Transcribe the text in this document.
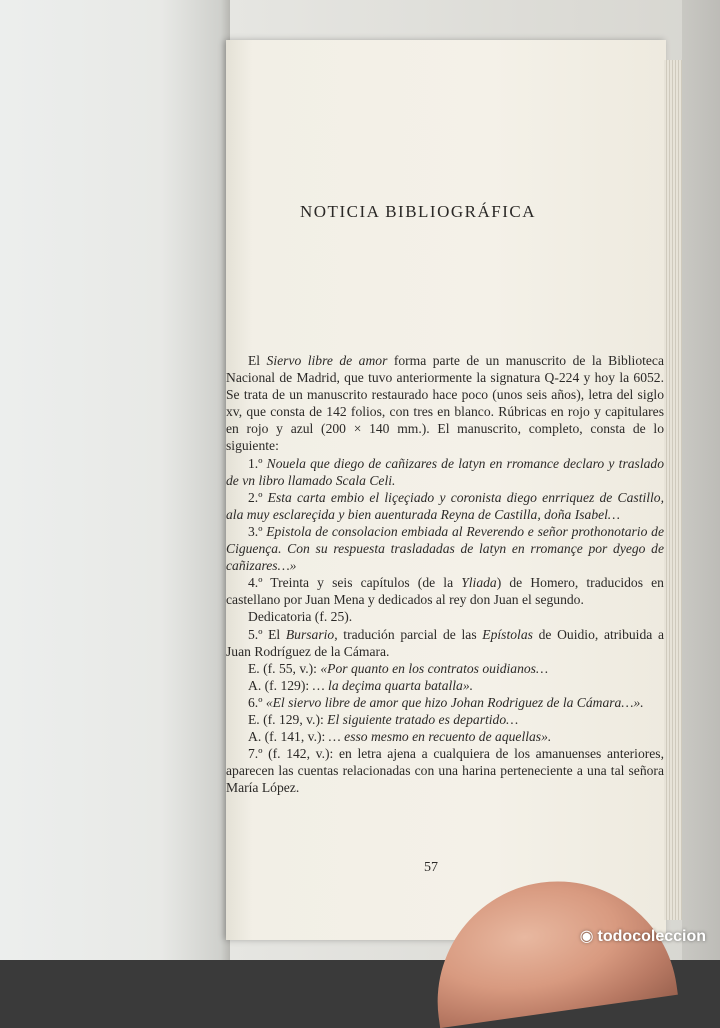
NOTICIA BIBLIOGRÁFICA

El Siervo libre de amor forma parte de un manuscrito de la Biblioteca Nacional de Madrid, que tuvo anteriormente la signatura Q-224 y hoy la 6052. Se trata de un manuscrito restaurado hace poco (unos seis años), letra del siglo xv, que consta de 142 folios, con tres en blanco. Rúbricas en rojo y capitulares en rojo y azul (200 × 140 mm.). El manuscrito, completo, consta de lo siguiente:

1.º Nouela que diego de cañizares de latyn en rromance declaro y traslado de vn libro llamado Scala Celi.

2.º Esta carta embio el liçeçiado y coronista diego enrriquez de Castillo, ala muy esclareçida y bien auenturada Reyna de Castilla, doña Isabel…

3.º Epistola de consolacion embiada al Reverendo e señor prothonotario de Ciguença. Con su respuesta trasladadas de latyn en rromançe por dyego de cañizares…»

4.º Treinta y seis capítulos (de la Yliada) de Homero, traducidos en castellano por Juan Mena y dedicados al rey don Juan el segundo.

Dedicatoria (f. 25).

5.º El Bursario, tradución parcial de las Epístolas de Ouidio, atribuida a Juan Rodríguez de la Cámara.

E. (f. 55, v.): «Por quanto en los contratos ouidianos…

A. (f. 129): … la deçima quarta batalla».

6.º «El siervo libre de amor que hizo Johan Rodriguez de la Cámara…».

E. (f. 129, v.): El siguiente tratado es departido…

A. (f. 141, v.): … esso mesmo en recuento de aquellas».

7.º (f. 142, v.): en letra ajena a cualquiera de los amanuenses anteriores, aparecen las cuentas relacionadas con una harina perteneciente a una tal señora María López.

57
◉ todocoleccion
